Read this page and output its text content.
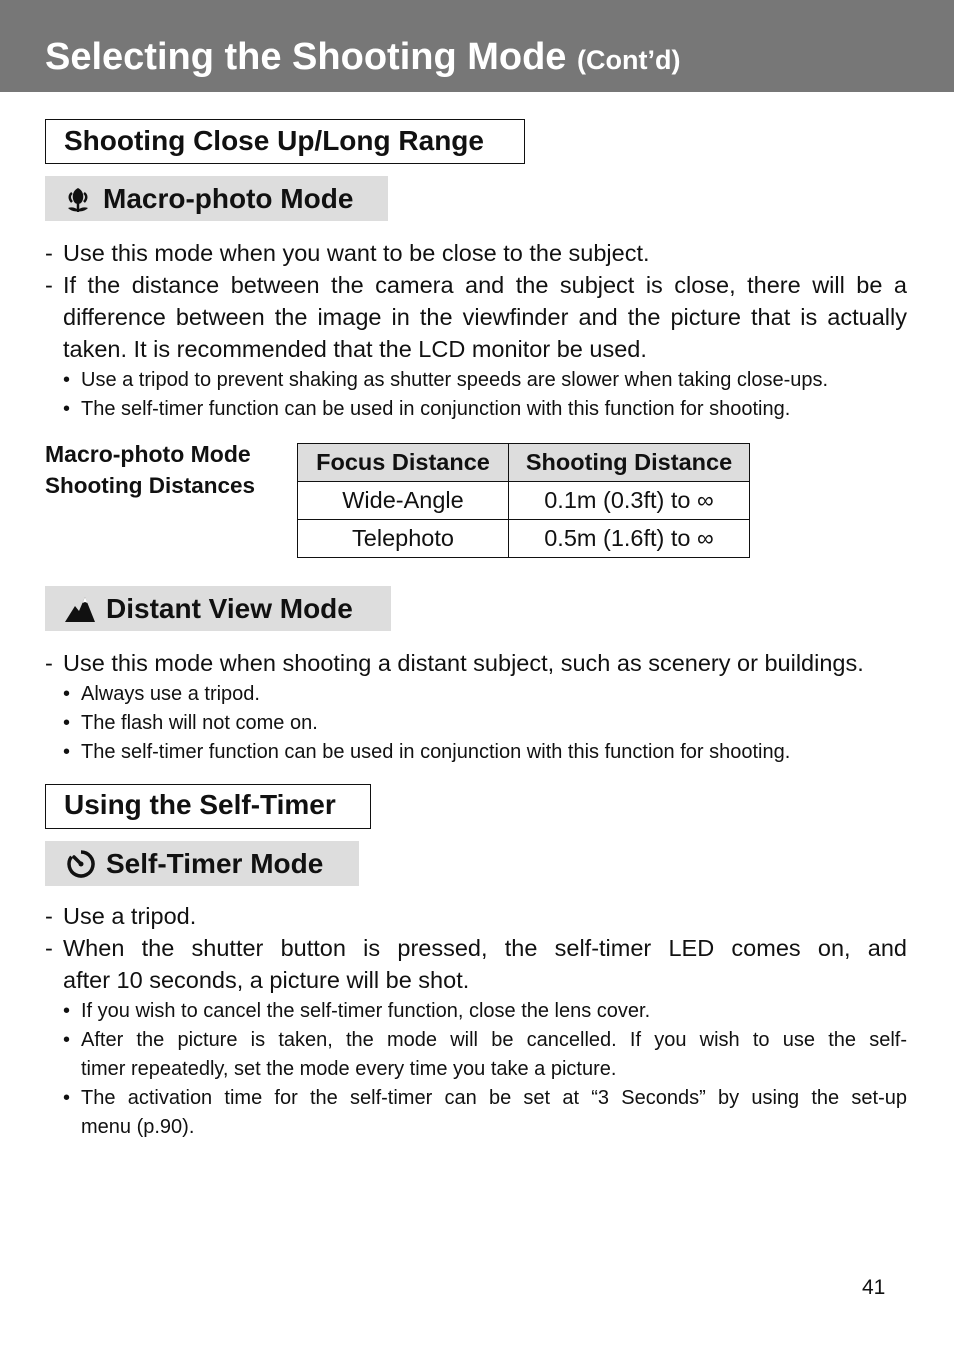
Selecting the Shooting Mode (Cont’d)
Shooting Close Up/Long Range
Macro-photo Mode
- Use this mode when you want to be close to the subject.
- If the distance between the camera and the subject is close, there will be a
difference between the image in the viewfinder and the picture that is actually
taken. It is recommended that the LCD monitor be used.
• Use a tripod to prevent shaking as shutter speeds are slower when taking close-ups.
• The self-timer function can be used in conjunction with this function for shooting.
Macro-photo Mode
Shooting Distances
Focus Distance	Shooting Distance
Wide-Angle	0.1m (0.3ft) to ∞
Telephoto	0.5m (1.6ft) to ∞
Distant View Mode
- Use this mode when shooting a distant subject, such as scenery or buildings.
• Always use a tripod.
• The flash will not come on.
• The self-timer function can be used in conjunction with this function for shooting.
Using the Self-Timer
Self-Timer Mode
- Use a tripod.
- When the shutter button is pressed, the self-timer LED comes on, and
after 10 seconds, a picture will be shot.
• If you wish to cancel the self-timer function, close the lens cover.
• After the picture is taken, the mode will be cancelled. If you wish to use the self-
timer repeatedly, set the mode every time you take a picture.
• The activation time for the self-timer can be set at “3 Seconds” by using the set-up
menu (p.90).
41
